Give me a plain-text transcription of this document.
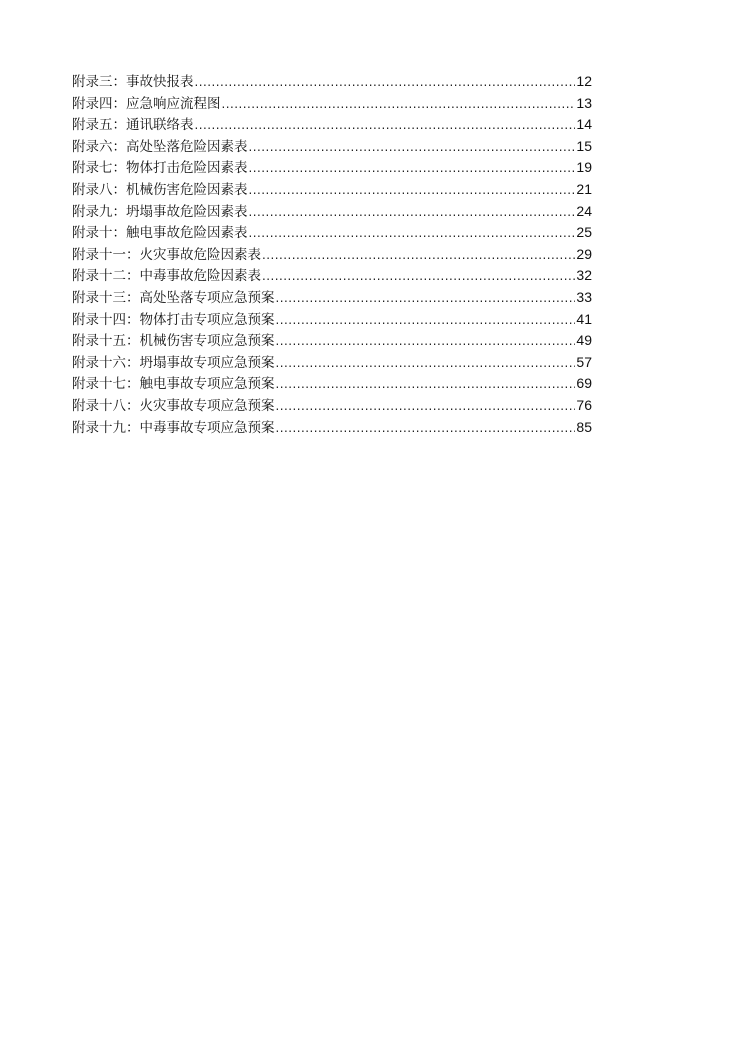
附录三：事故快报表 .....	12
附录四：应急响应流程图 .....	13
附录五：通讯联络表 .....	14
附录六：高处坠落危险因素表 .....	15
附录七：物体打击危险因素表 .....	19
附录八：机械伤害危险因素表 .....	21
附录九：坍塌事故危险因素表 .....	24
附录十：触电事故危险因素表 .....	25
附录十一：火灾事故危险因素表 .....	29
附录十二：中毒事故危险因素表 .....	32
附录十三：高处坠落专项应急预案 .....	33
附录十四：物体打击专项应急预案 .....	41
附录十五：机械伤害专项应急预案 .....	49
附录十六：坍塌事故专项应急预案 .....	57
附录十七：触电事故专项应急预案 .....	69
附录十八：火灾事故专项应急预案 .....	76
附录十九：中毒事故专项应急预案 .....	85
